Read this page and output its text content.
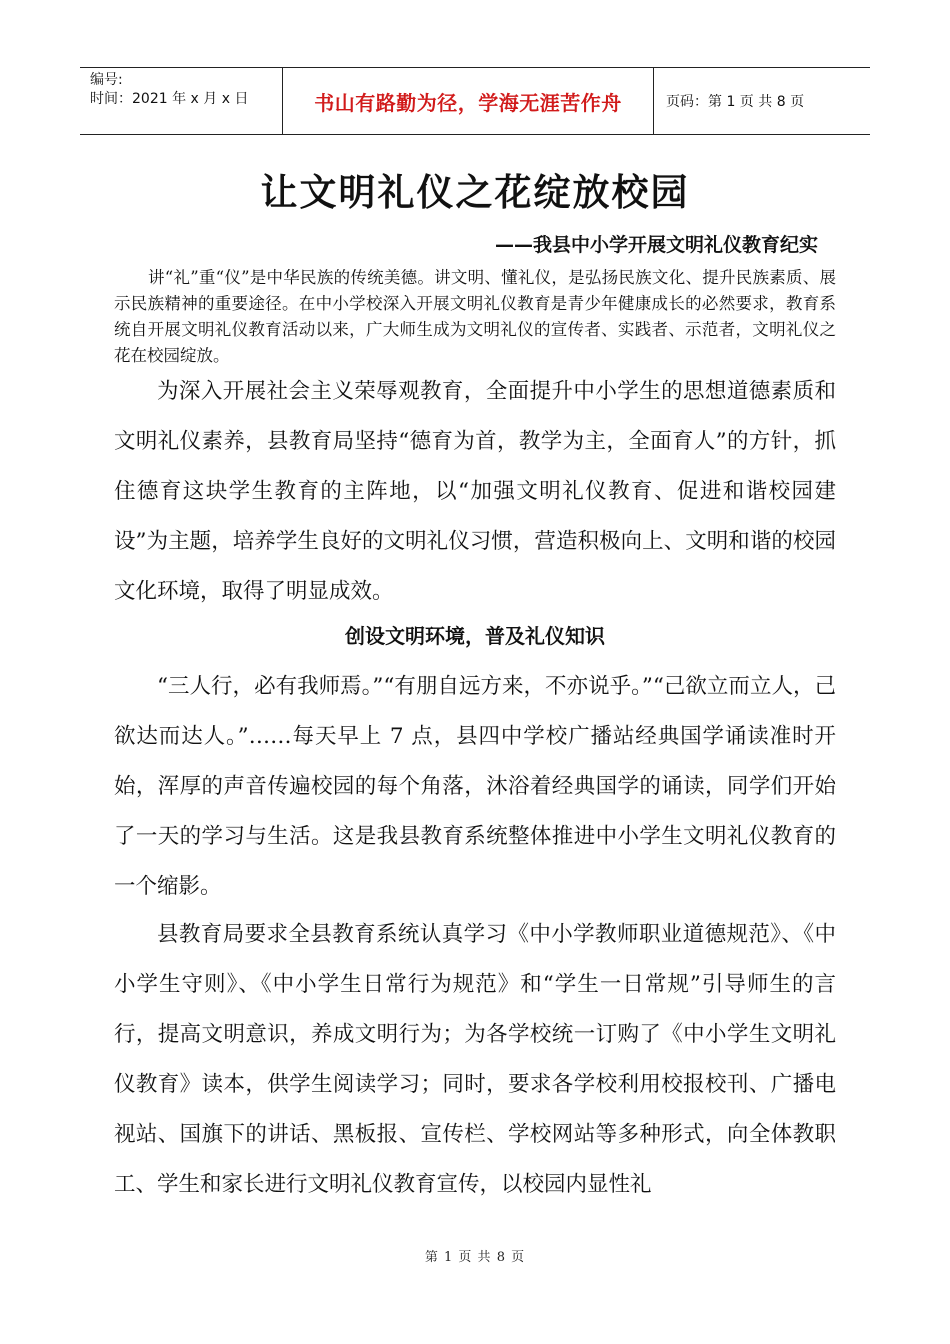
编号:
时间：2021 年 x 月 x 日	书山有路勤为径，学海无涯苦作舟	页码：第 1 页 共 8 页
让文明礼仪之花绽放校园
——我县中小学开展文明礼仪教育纪实
讲“礼”重“仪”是中华民族的传统美德。讲文明、懂礼仪，是弘扬民族文化、提升民族素质、展示民族精神的重要途径。在中小学校深入开展文明礼仪教育是青少年健康成长的必然要求，教育系统自开展文明礼仪教育活动以来，广大师生成为文明礼仪的宣传者、实践者、示范者，文明礼仪之花在校园绽放。
为深入开展社会主义荣辱观教育，全面提升中小学生的思想道德素质和文明礼仪素养，县教育局坚持“德育为首，教学为主，全面育人”的方针，抓住德育这块学生教育的主阵地，以“加强文明礼仪教育、促进和谐校园建设”为主题，培养学生良好的文明礼仪习惯，营造积极向上、文明和谐的校园文化环境，取得了明显成效。
创设文明环境，普及礼仪知识
“三人行，必有我师焉。”“有朋自远方来，不亦说乎。”“己欲立而立人，己欲达而达人。”……每天早上 7 点，县四中学校广播站经典国学诵读准时开始，浑厚的声音传遍校园的每个角落，沐浴着经典国学的诵读，同学们开始了一天的学习与生活。这是我县教育系统整体推进中小学生文明礼仪教育的一个缩影。
县教育局要求全县教育系统认真学习《中小学教师职业道德规范》、《中小学生守则》、《中小学生日常行为规范》和“学生一日常规”引导师生的言行，提高文明意识，养成文明行为；为各学校统一订购了《中小学生文明礼仪教育》读本，供学生阅读学习；同时，要求各学校利用校报校刊、广播电视站、国旗下的讲话、黑板报、宣传栏、学校网站等多种形式，向全体教职工、学生和家长进行文明礼仪教育宣传，以校园内显性礼
第 1 页 共 8 页
